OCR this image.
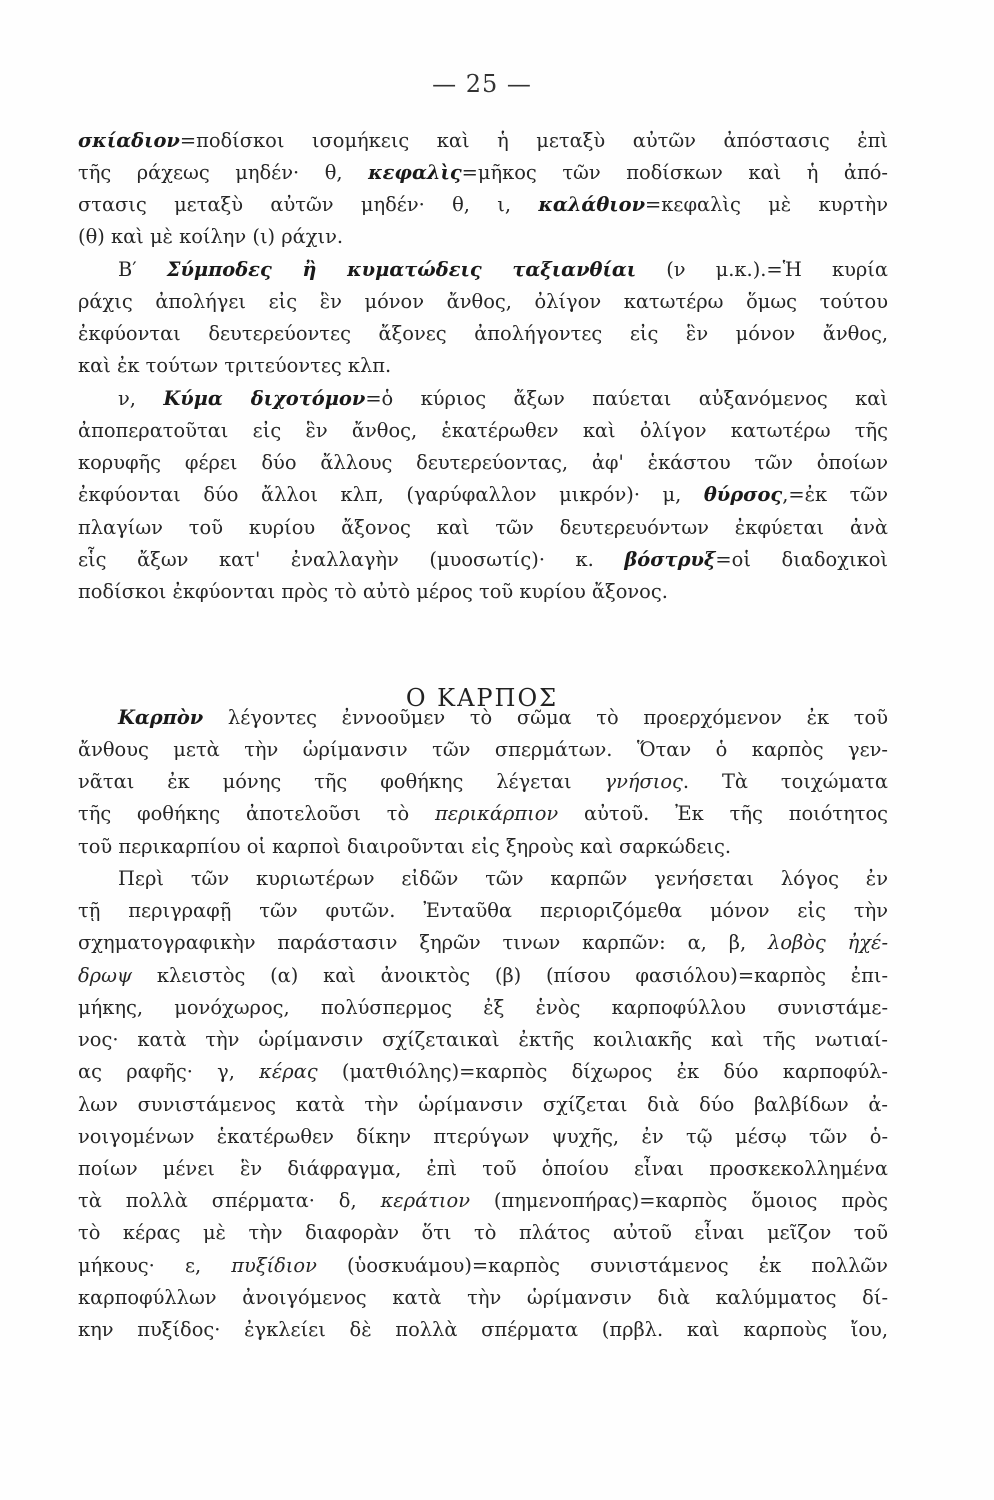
— 25 —
σκίαδιον=ποδίσκοι ισομήκεις καὶ ἡ μεταξὺ αὐτῶν ἀπόστασις ἐπὶ
τῆς ράχεως μηδέν· θ, κεφαλὶς=μῆκος τῶν ποδίσκων καὶ ἡ ἀπό-
στασις μεταξὺ αὐτῶν μηδέν· θ, ι, καλάθιον=κεφαλὶς μὲ κυρτὴν
(θ) καὶ μὲ κοίλην (ι) ράχιν.
Β′ Σύμποδες ἢ κυματώδεις ταξιανθίαι (ν μ.κ.).=Ἡ κυρία
ράχις ἀπολήγει εἰς ἓν μόνον ἄνθος, ὀλίγον κατωτέρω ὅμως τούτου
ἐκφύονται δευτερεύοντες ἄξονες ἀπολήγοντες εἰς ἓν μόνον ἄνθος,
καὶ ἐκ τούτων τριτεύοντες κλπ.
ν, Κύμα διχοτόμον=ὁ κύριος ἄξων παύεται αὐξανόμενος καὶ
ἀποπερατοῦται εἰς ἓν ἄνθος, ἑκατέρωθεν καὶ ὀλίγον κατωτέρω τῆς
κορυφῆς φέρει δύο ἄλλους δευτερεύοντας, ἀφ' ἑκάστου τῶν ὁποίων
ἐκφύονται δύο ἄλλοι κλπ, (γαρύφαλλον μικρόν)· μ, θύρσος,=ἐκ τῶν
πλαγίων τοῦ κυρίου ἄξονος καὶ τῶν δευτερευόντων ἐκφύεται ἀνὰ
εἷς ἄξων κατ' ἐναλλαγὴν (μυοσωτίς)· κ. βόστρυξ=οἱ διαδοχικοὶ
ποδίσκοι ἐκφύονται πρὸς τὸ αὐτὸ μέρος τοῦ κυρίου ἄξονος.
Καρπὸν λέγοντες ἐννοοῦμεν τὸ σῶμα τὸ προερχόμενον ἐκ τοῦ
ἄνθους μετὰ τὴν ὡρίμανσιν τῶν σπερμάτων. Ὅταν ὁ καρπὸς γεν-
νᾶται ἐκ μόνης τῆς φοθήκης λέγεται γνήσιος. Τὰ τοιχώματα
τῆς φοθήκης ἀποτελοῦσι τὸ περικάρπιον αὐτοῦ. Ἐκ τῆς ποιότητος
τοῦ περικαρπίου οἱ καρποὶ διαιροῦνται εἰς ξηροὺς καὶ σαρκώδεις.
Περὶ τῶν κυριωτέρων εἰδῶν τῶν καρπῶν γενήσεται λόγος ἐν
τῇ περιγραφῇ τῶν φυτῶν. Ἐνταῦθα περιοριζόμεθα μόνον εἰς τὴν
σχηματογραφικὴν παράστασιν ξηρῶν τινων καρπῶν: α, β, λοβὸς ἠχέ-
δρωψ κλειστὸς (α) καὶ ἀνοικτὸς (β) (πίσου φασιόλου)=καρπὸς ἐπι-
μήκης, μονόχωρος, πολύσπερμος ἐξ ἑνὸς καρποφύλλου συνιστάμε-
νος· κατὰ τὴν ὡρίμανσιν σχίζεταικαὶ ἐκτῆς κοιλιακῆς καὶ τῆς νωτιαί-
ας ραφῆς· γ, κέρας (ματθιόλης)=καρπὸς δίχωρος ἐκ δύο καρποφύλ-
λων συνιστάμενος κατὰ τὴν ὡρίμανσιν σχίζεται διὰ δύο βαλβίδων ἀ-
νοιγομένων ἑκατέρωθεν δίκην πτερύγων ψυχῆς, ἐν τῷ μέσῳ τῶν ὁ-
ποίων μένει ἓν διάφραγμα, ἐπὶ τοῦ ὁποίου εἶναι προσκεκολλημένα
τὰ πολλὰ σπέρματα· δ, κεράτιον (πημενοπήρας)=καρπὸς ὅμοιος πρὸς
τὸ κέρας μὲ τὴν διαφορὰν ὅτι τὸ πλάτος αὐτοῦ εἶναι μεῖζον τοῦ
μήκους· ε, πυξίδιον (ὑοσκυάμου)=καρπὸς συνιστάμενος ἐκ πολλῶν
καρποφύλλων ἀνοιγόμενος κατὰ τὴν ὡρίμανσιν διὰ καλύμματος δί-
κην πυξίδος· ἐγκλείει δὲ πολλὰ σπέρματα (πρβλ. καὶ καρποὺς ἴου,
Ο ΚΑΡΠΟΣ
